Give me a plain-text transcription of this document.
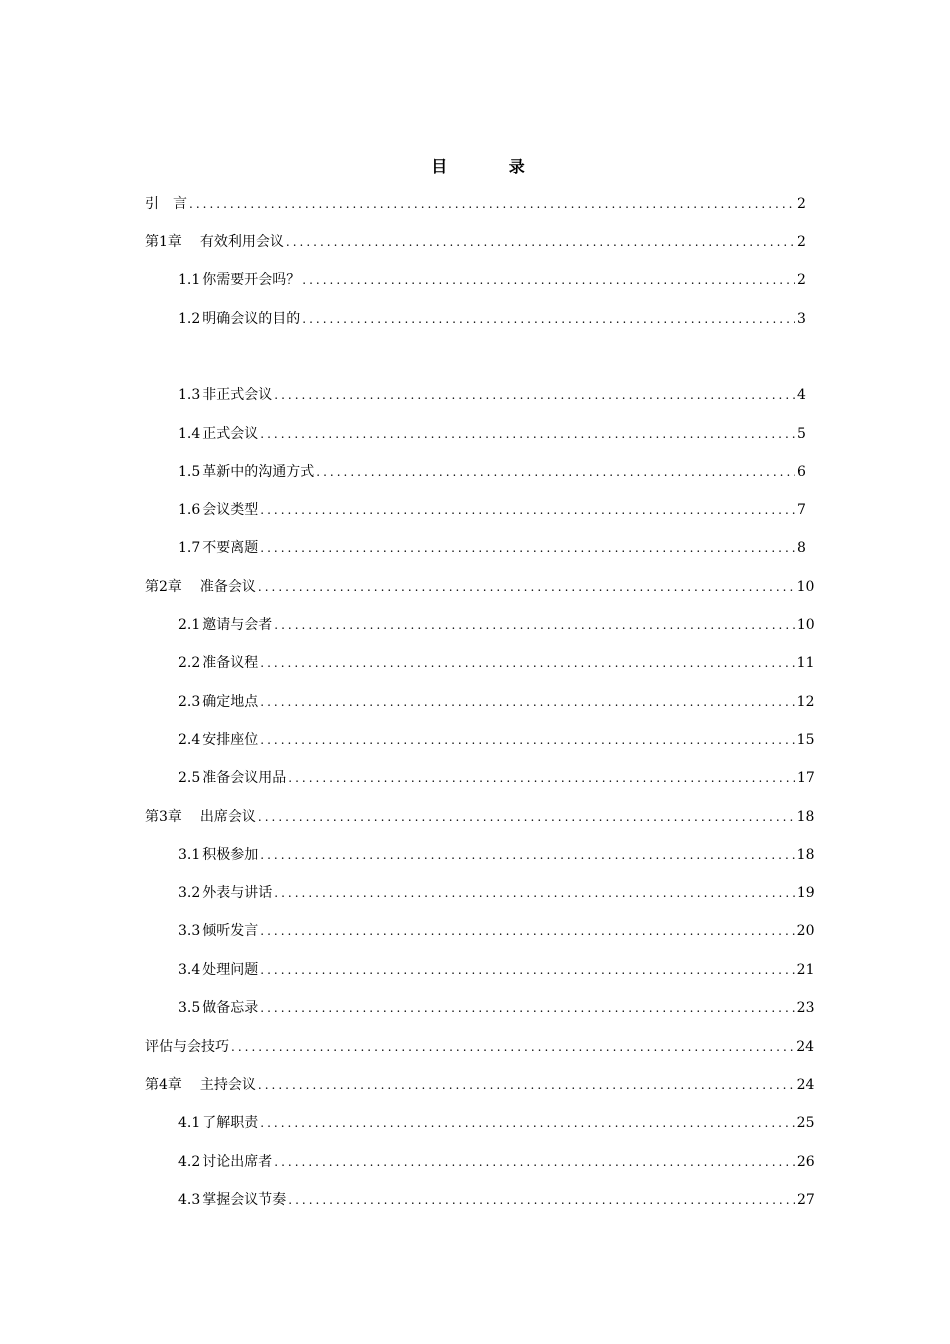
目 录
引　言 .....	2
第1章 有效利用会议 .....	2
1.1 你需要开会吗？ .....	2
1.2 明确会议的目的 .....	3
1.3 非正式会议 .....	4
1.4 正式会议 .....	5
1.5 革新中的沟通方式 .....	6
1.6 会议类型 .....	7
1.7 不要离题 .....	8
第2章 准备会议 .....	10
2.1 邀请与会者 .....	10
2.2 准备议程 .....	11
2.3 确定地点 .....	12
2.4 安排座位 .....	15
2.5 准备会议用品 .....	17
第3章 出席会议 .....	18
3.1 积极参加 .....	18
3.2 外表与讲话 .....	19
3.3 倾听发言 .....	20
3.4 处理问题 .....	21
3.5 做备忘录 .....	23
评估与会技巧 .....	24
第4章 主持会议 .....	24
4.1 了解职责 .....	25
4.2 讨论出席者 .....	26
4.3 掌握会议节奏 .....	27
